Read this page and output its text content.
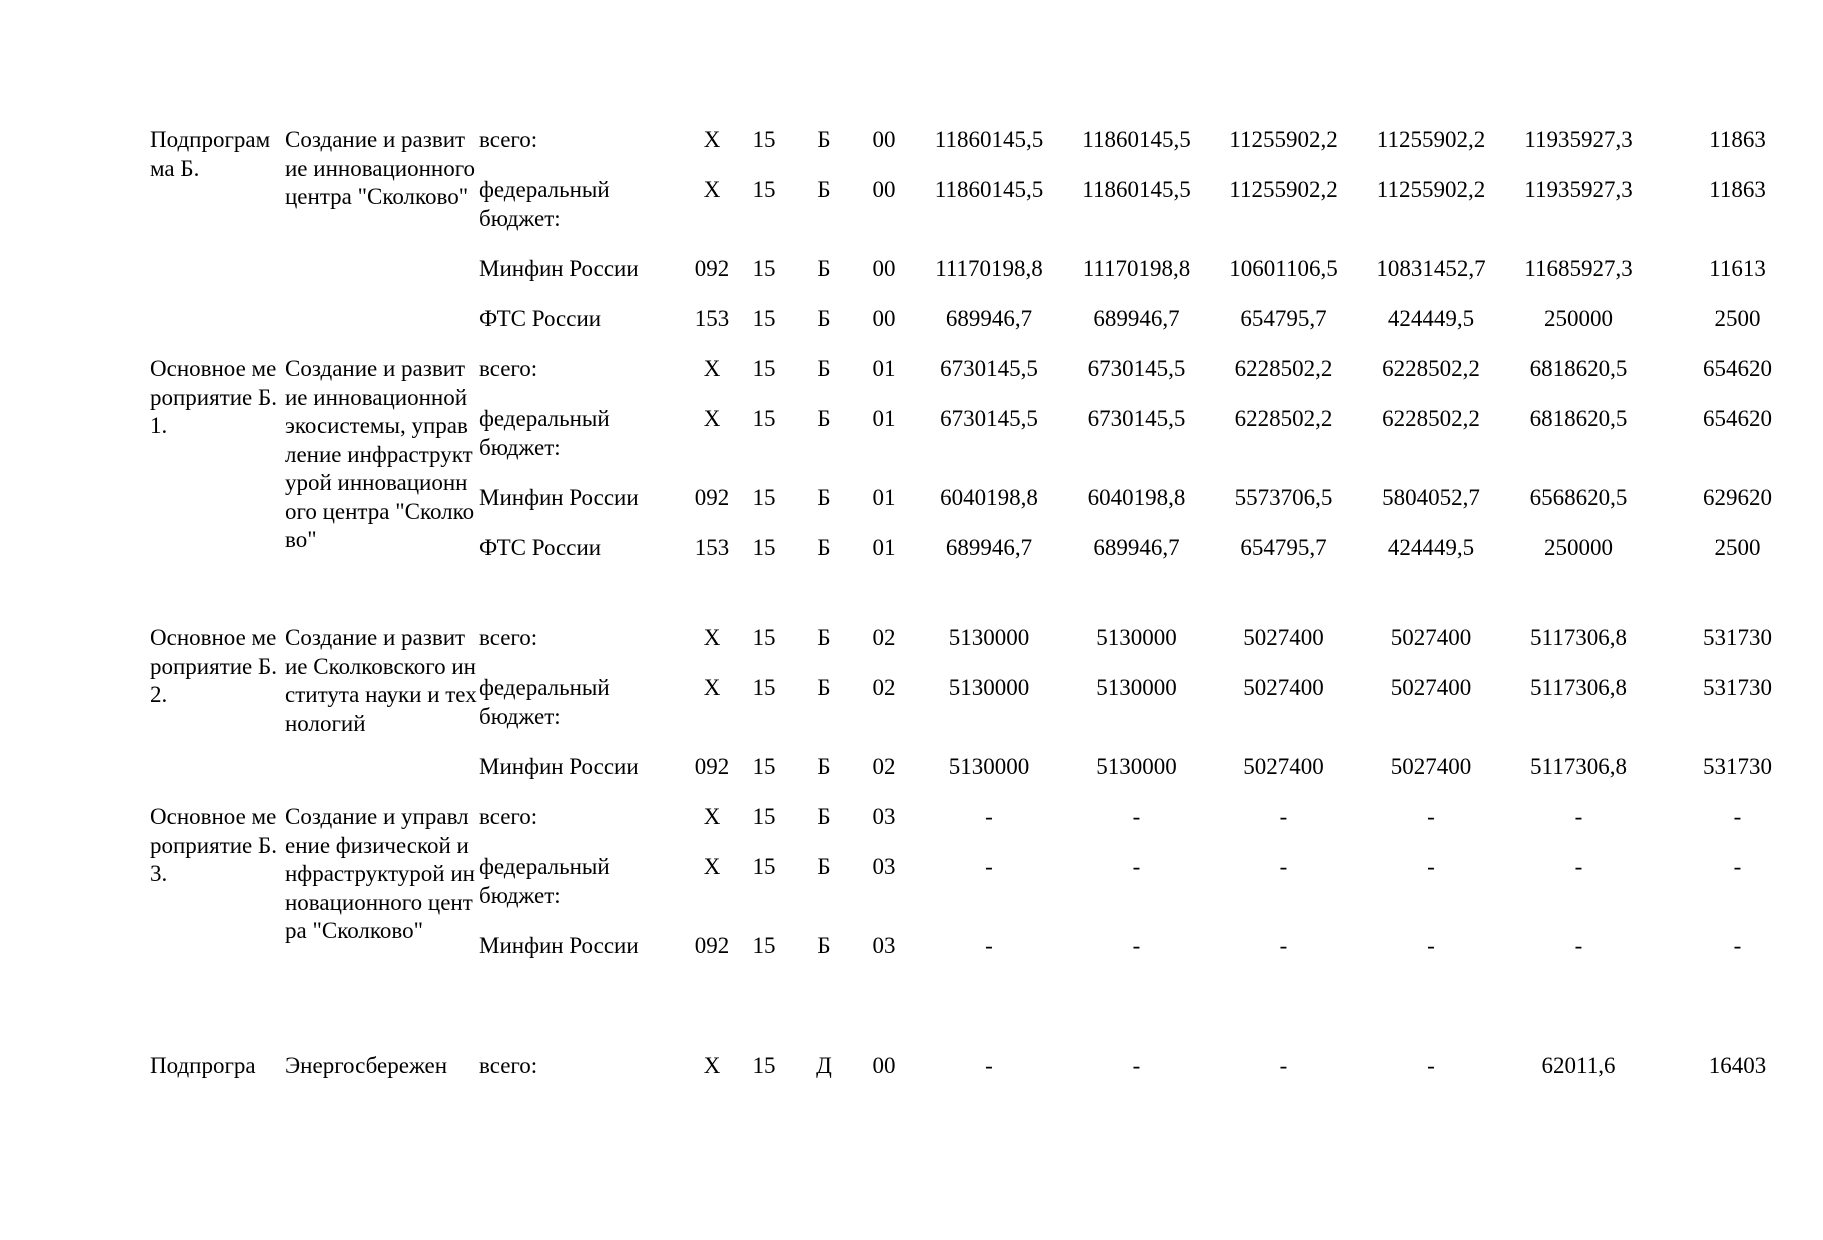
Подпрограмма Б.	Создание и развитие инновационного центра "Сколково"	всего:	Х	15	Б	00	11860145,5	11860145,5	11255902,2	11255902,2	11935927,3	11863
		федеральный бюджет:	Х	15	Б	00	11860145,5	11860145,5	11255902,2	11255902,2	11935927,3	11863
		Минфин России	092	15	Б	00	11170198,8	11170198,8	10601106,5	10831452,7	11685927,3	11613
		ФТС России	153	15	Б	00	689946,7	689946,7	654795,7	424449,5	250000	2500
Основное мероприятие Б.1.	Создание и развитие инновационной экосистемы, управление инфраструктурой инновационного центра "Сколково"	всего:	Х	15	Б	01	6730145,5	6730145,5	6228502,2	6228502,2	6818620,5	654620
		федеральный бюджет:	Х	15	Б	01	6730145,5	6730145,5	6228502,2	6228502,2	6818620,5	654620
		Минфин России	092	15	Б	01	6040198,8	6040198,8	5573706,5	5804052,7	6568620,5	629620
		ФТС России	153	15	Б	01	689946,7	689946,7	654795,7	424449,5	250000	2500
Основное мероприятие Б.2.	Создание и развитие Сколковского института науки и технологий	всего:	Х	15	Б	02	5130000	5130000	5027400	5027400	5117306,8	531730
		федеральный бюджет:	Х	15	Б	02	5130000	5130000	5027400	5027400	5117306,8	531730
		Минфин России	092	15	Б	02	5130000	5130000	5027400	5027400	5117306,8	531730
Основное мероприятие Б.3.	Создание и управление физической инфраструктурой инновационного центра "Сколково"	всего:	Х	15	Б	03	-	-	-	-	-	-
		федеральный бюджет:	Х	15	Б	03	-	-	-	-	-	-
		Минфин России	092	15	Б	03	-	-	-	-	-	-
Подпрогра	Энергосбережен	всего:	Х	15	Д	00	-	-	-	-	62011,6	16403
